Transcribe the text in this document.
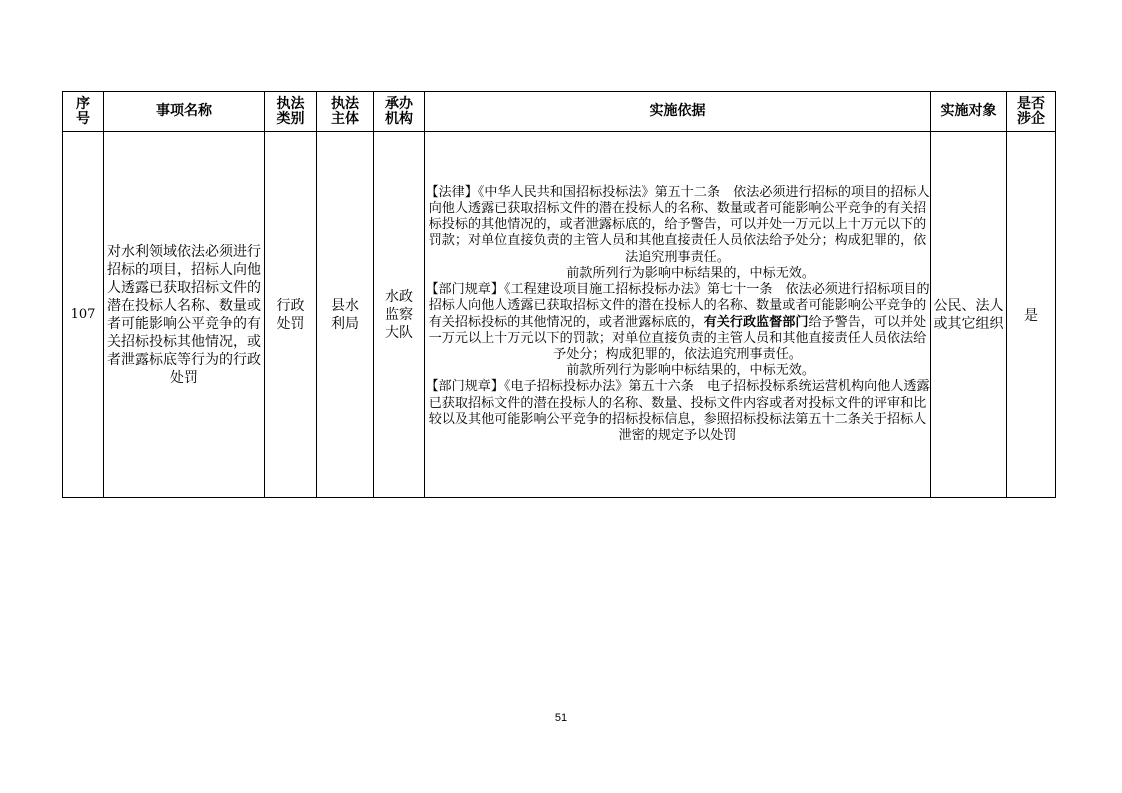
序号	事项名称	执法类别	执法主体	承办机构	实施依据	实施对象	是否涉企

107	对水利领域依法必须进行招标的项目，招标人向他人透露已获取招标文件的潜在投标人名称、数量或者可能影响公平竞争的有关招标投标其他情况，或者泄露标底等行为的行政处罚	行政处罚	县水利局	水政监察大队	【法律】《中华人民共和国招标投标法》第五十二条　依法必须进行招标的项目的招标人向他人透露已获取招标文件的潜在投标人的名称、数量或者可能影响公平竞争的有关招标投标的其他情况的，或者泄露标底的，给予警告，可以并处一万元以上十万元以下的罚款；对单位直接负责的主管人员和其他直接责任人员依法给予处分；构成犯罪的，依法追究刑事责任。

前款所列行为影响中标结果的，中标无效。

【部门规章】《工程建设项目施工招标投标办法》第七十一条　依法必须进行招标项目的招标人向他人透露已获取招标文件的潜在投标人的名称、数量或者可能影响公平竞争的有关招标投标的其他情况的，或者泄露标底的，有关行政监督部门给予警告，可以并处一万元以上十万元以下的罚款；对单位直接负责的主管人员和其他直接责任人员依法给予处分；构成犯罪的，依法追究刑事责任。

前款所列行为影响中标结果的，中标无效。

【部门规章】《电子招标投标办法》第五十六条　电子招标投标系统运营机构向他人透露已获取招标文件的潜在投标人的名称、数量、投标文件内容或者对投标文件的评审和比较以及其他可能影响公平竞争的招标投标信息，参照招标投标法第五十二条关于招标人泄密的规定予以处罚	公民、法人或其它组织	是
51
